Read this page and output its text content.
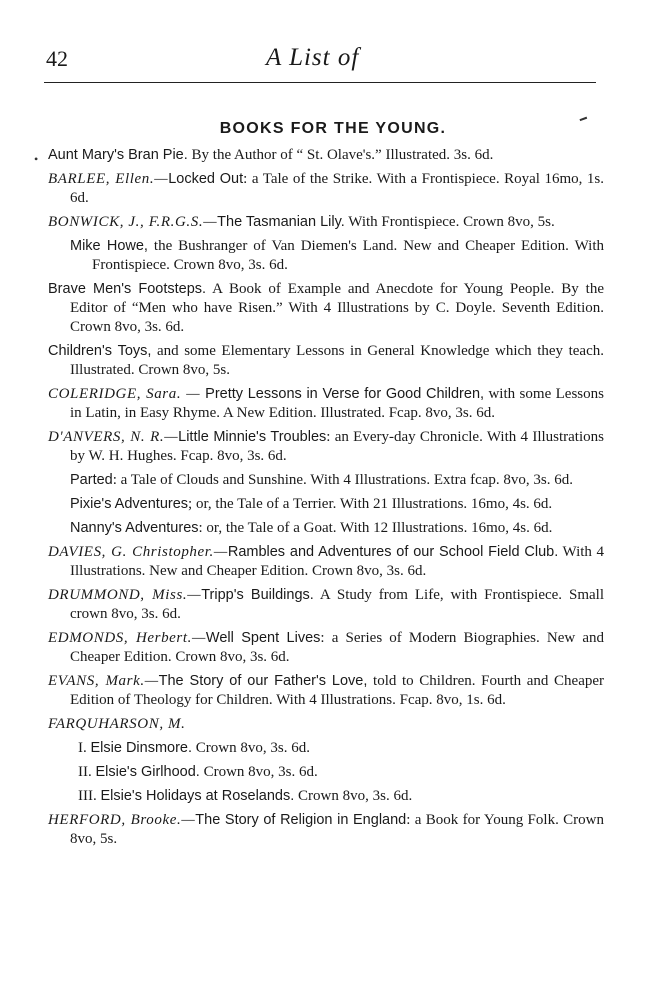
42	A List of
BOOKS FOR THE YOUNG.
Aunt Mary's Bran Pie. By the Author of “ St. Olave's.” Illustrated. 3s. 6d.
BARLEE, Ellen.—Locked Out: a Tale of the Strike. With a Frontispiece. Royal 16mo, 1s. 6d.
BONWICK, J., F.R.G.S.—The Tasmanian Lily. With Frontispiece. Crown 8vo, 5s.
Mike Howe, the Bushranger of Van Diemen's Land. New and Cheaper Edition. With Frontispiece. Crown 8vo, 3s. 6d.
Brave Men's Footsteps. A Book of Example and Anecdote for Young People. By the Editor of “Men who have Risen.” With 4 Illustrations by C. Doyle. Seventh Edition. Crown 8vo, 3s. 6d.
Children's Toys, and some Elementary Lessons in General Knowledge which they teach. Illustrated. Crown 8vo, 5s.
COLERIDGE, Sara. — Pretty Lessons in Verse for Good Children, with some Lessons in Latin, in Easy Rhyme. A New Edition. Illustrated. Fcap. 8vo, 3s. 6d.
D'ANVERS, N. R.—Little Minnie's Troubles: an Every-day Chronicle. With 4 Illustrations by W. H. Hughes. Fcap. 8vo, 3s. 6d.
Parted: a Tale of Clouds and Sunshine. With 4 Illustrations. Extra fcap. 8vo, 3s. 6d.
Pixie's Adventures; or, the Tale of a Terrier. With 21 Illustrations. 16mo, 4s. 6d.
Nanny's Adventures: or, the Tale of a Goat. With 12 Illustrations. 16mo, 4s. 6d.
DAVIES, G. Christopher.—Rambles and Adventures of our School Field Club. With 4 Illustrations. New and Cheaper Edition. Crown 8vo, 3s. 6d.
DRUMMOND, Miss.—Tripp's Buildings. A Study from Life, with Frontispiece. Small crown 8vo, 3s. 6d.
EDMONDS, Herbert.—Well Spent Lives: a Series of Modern Biographies. New and Cheaper Edition. Crown 8vo, 3s. 6d.
EVANS, Mark.—The Story of our Father's Love, told to Children. Fourth and Cheaper Edition of Theology for Children. With 4 Illustrations. Fcap. 8vo, 1s. 6d.
FARQUHARSON, M.
I. Elsie Dinsmore. Crown 8vo, 3s. 6d.
II. Elsie's Girlhood. Crown 8vo, 3s. 6d.
III. Elsie's Holidays at Roselands. Crown 8vo, 3s. 6d.
HERFORD, Brooke.—The Story of Religion in England: a Book for Young Folk. Crown 8vo, 5s.
━
•
